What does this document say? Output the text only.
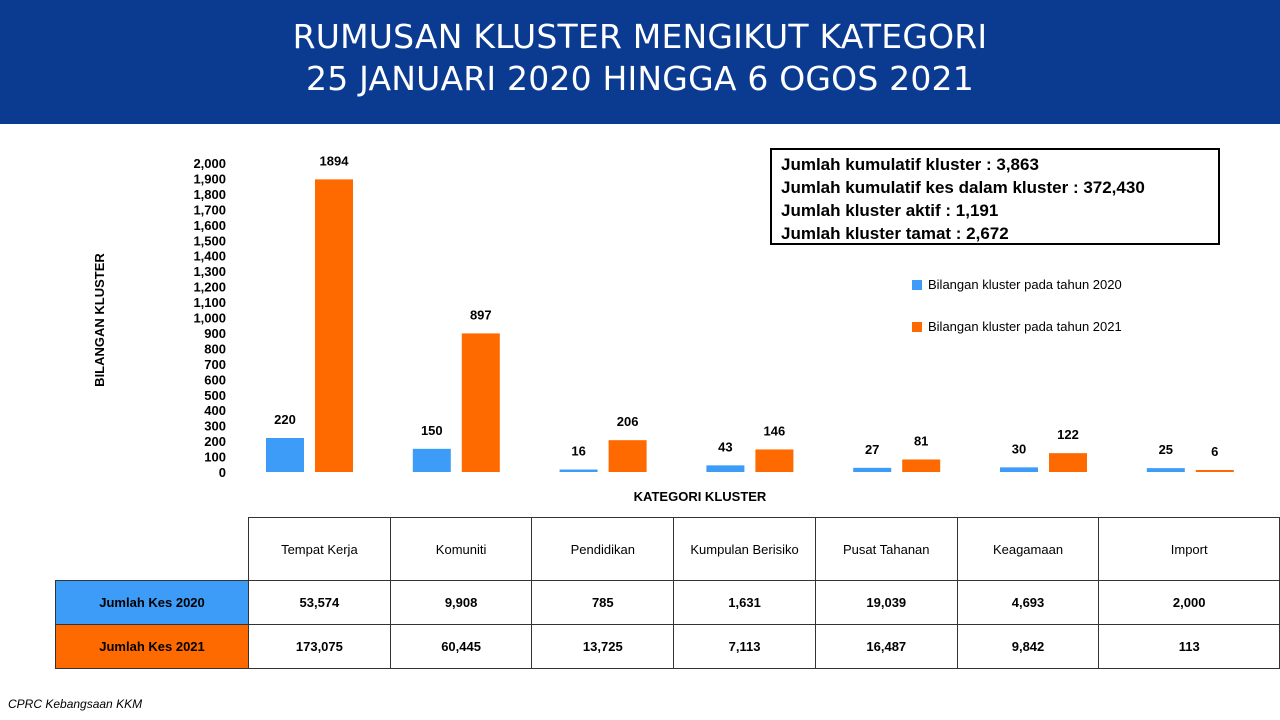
RUMUSAN KLUSTER MENGIKUT KATEGORI
25 JANUARI 2020 HINGGA 6 OGOS 2021
0
100
200
300
400
500
600
700
800
900
1,000
1,100
1,200
1,300
1,400
1,500
1,600
1,700
1,800
1,900
2,000
220
1894
150
897
16
206
43
146
27
81
30
122
25	6
BILANGAN KLUSTER
KATEGORI KLUSTER
Jumlah kumulatif kluster : 3,863
Jumlah kumulatif kes dalam kluster : 372,430
Jumlah kluster aktif : 1,191
Jumlah kluster tamat : 2,672
Bilangan kluster pada tahun 2020
Bilangan kluster pada tahun 2021
	Tempat Kerja	Komuniti	Pendidikan	Kumpulan Berisiko	Pusat Tahanan	Keagamaan	Import
Jumlah Kes 2020	53,574	9,908	785	1,631	19,039	4,693	2,000
Jumlah Kes 2021	173,075	60,445	13,725	7,113	16,487	9,842	113
CPRC Kebangsaan KKM
